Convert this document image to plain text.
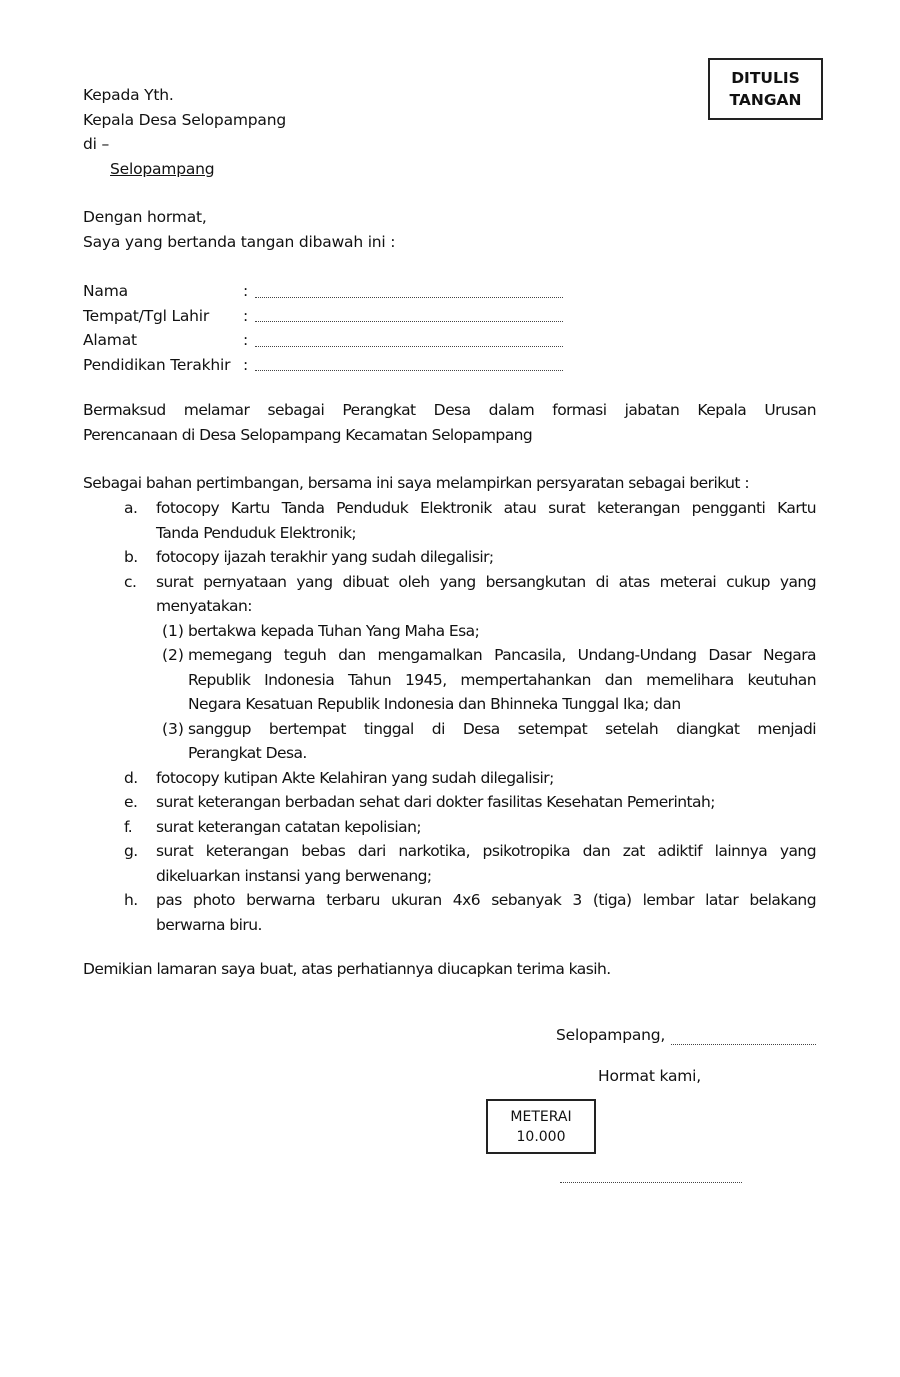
DITULIS
TANGAN
Kepada Yth.
Kepala Desa Selopampang
di –
Selopampang
Dengan hormat,
Saya yang bertanda tangan dibawah ini :
Nama	:
Tempat/Tgl Lahir	:
Alamat	:
Pendidikan Terakhir :
Bermaksud melamar sebagai Perangkat Desa dalam formasi jabatan Kepala Urusan
Perencanaan di Desa Selopampang Kecamatan Selopampang
Sebagai bahan pertimbangan, bersama ini saya melampirkan persyaratan sebagai berikut :
a.	fotocopy Kartu Tanda Penduduk Elektronik atau surat keterangan pengganti Kartu
Tanda Penduduk Elektronik;
b.	fotocopy ijazah terakhir yang sudah dilegalisir;
c.	surat pernyataan yang dibuat oleh yang bersangkutan di atas meterai cukup yang
menyatakan:
(1) bertakwa kepada Tuhan Yang Maha Esa;
(2) memegang teguh dan mengamalkan Pancasila, Undang-Undang Dasar Negara
Republik Indonesia Tahun 1945, mempertahankan dan memelihara keutuhan
Negara Kesatuan Republik Indonesia dan Bhinneka Tunggal Ika; dan
(3) sanggup bertempat tinggal di Desa setempat setelah diangkat menjadi
Perangkat Desa.
d.	fotocopy kutipan Akte Kelahiran yang sudah dilegalisir;
e.	surat keterangan berbadan sehat dari dokter fasilitas Kesehatan Pemerintah;
f.	surat keterangan catatan kepolisian;
g.	surat keterangan bebas dari narkotika, psikotropika dan zat adiktif lainnya yang
dikeluarkan instansi yang berwenang;
h.	pas photo berwarna terbaru ukuran 4x6 sebanyak 3 (tiga) lembar latar belakang
berwarna biru.
Demikian lamaran saya buat, atas perhatiannya diucapkan terima kasih.
Selopampang,
Hormat kami,
METERAI
10.000
